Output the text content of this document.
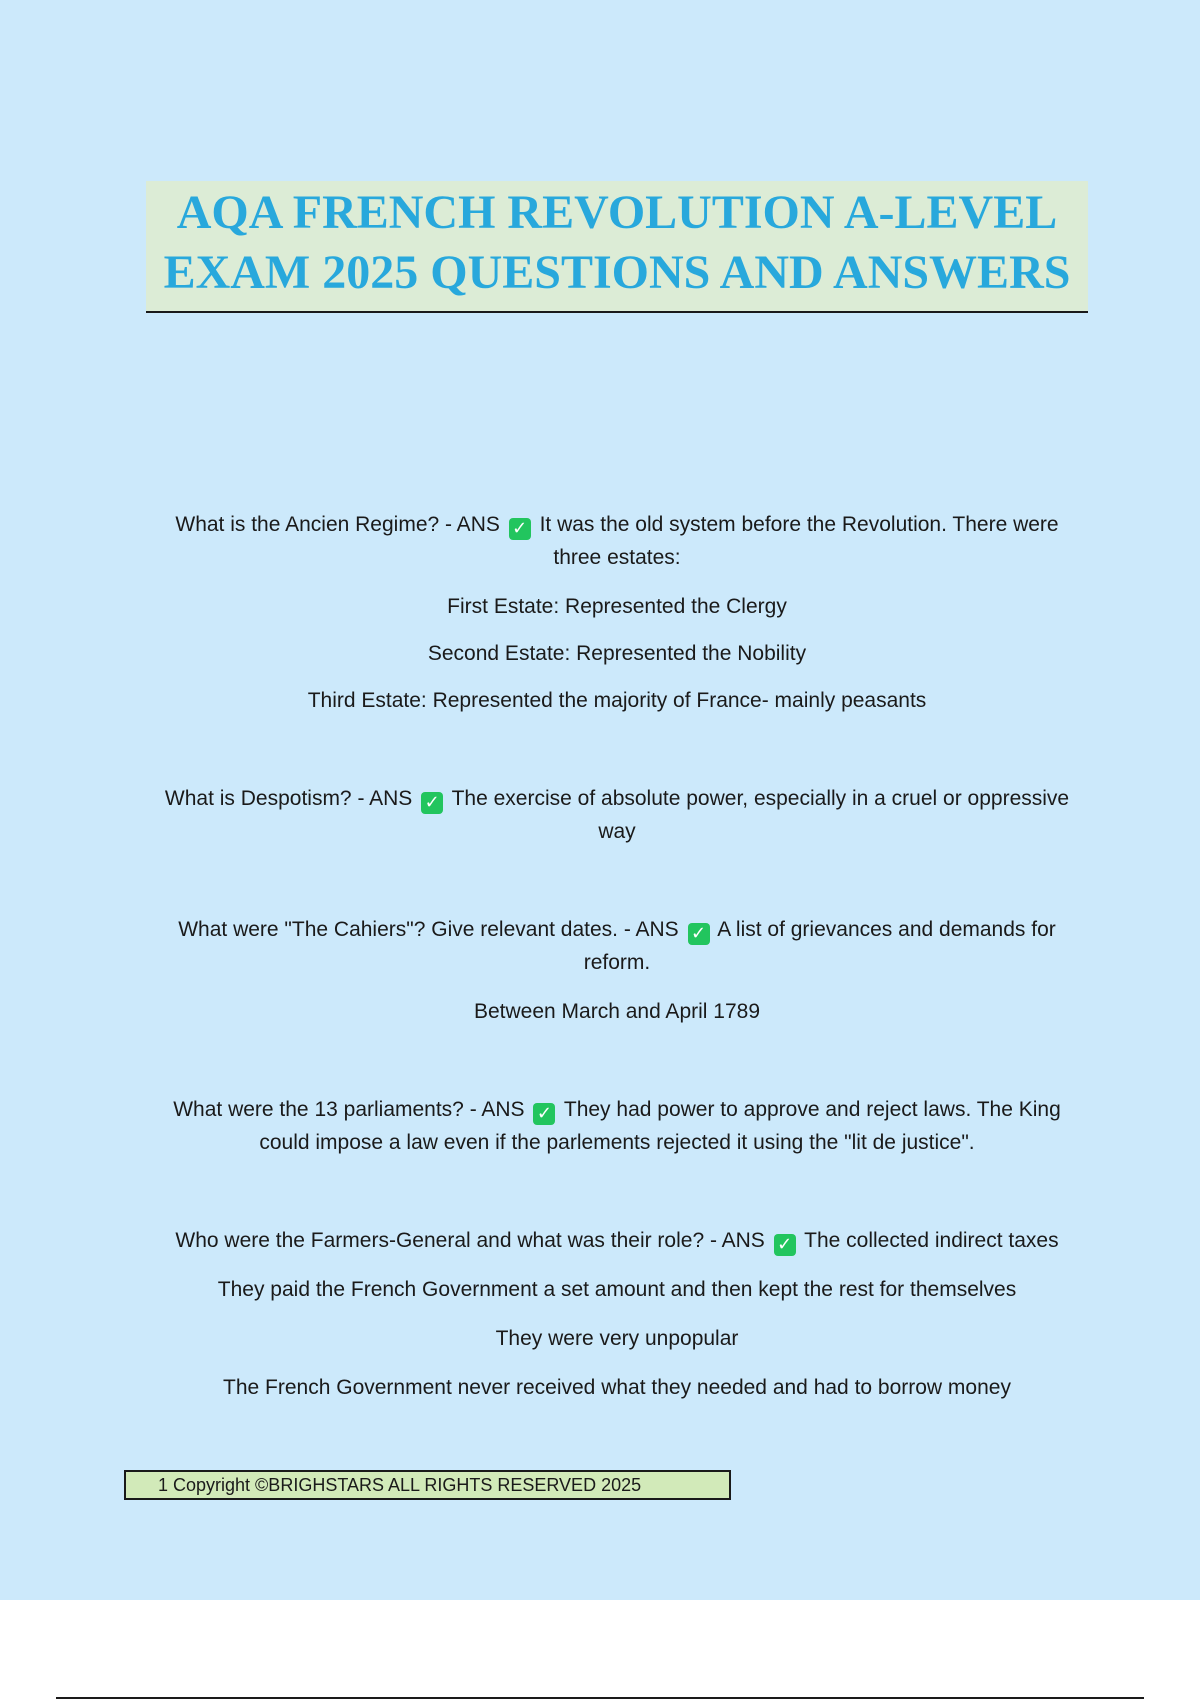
AQA FRENCH REVOLUTION A-LEVEL
EXAM 2025 QUESTIONS AND ANSWERS

What is the Ancien Regime? - ANS ✓ It was the old system before the Revolution. There were

three estates:

First Estate: Represented the Clergy

Second Estate: Represented the Nobility

Third Estate: Represented the majority of France- mainly peasants

What is Despotism? - ANS ✓ The exercise of absolute power, especially in a cruel or oppressive

way

What were "The Cahiers"? Give relevant dates. - ANS ✓ A list of grievances and demands for

reform.

Between March and April 1789

What were the 13 parliaments? - ANS ✓ They had power to approve and reject laws. The King

could impose a law even if the parlements rejected it using the "lit de justice".

Who were the Farmers-General and what was their role? - ANS ✓ The collected indirect taxes

They paid the French Government a set amount and then kept the rest for themselves

They were very unpopular

The French Government never received what they needed and had to borrow money

1 Copyright ©BRIGHSTARS ALL RIGHTS RESERVED 2025
